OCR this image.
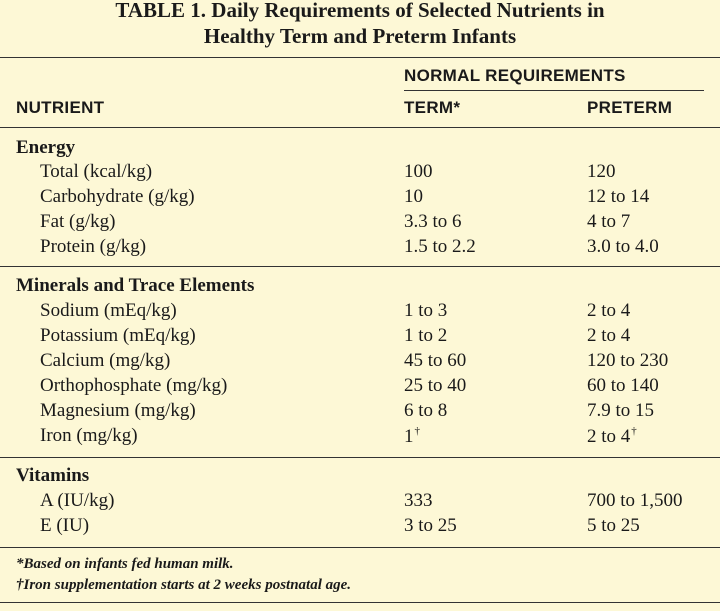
TABLE 1. Daily Requirements of Selected Nutrients in
Healthy Term and Preterm Infants
NORMAL REQUIREMENTS
NUTRIENT	TERM*	PRETERM
Energy
Total (kcal/kg)	100	120
Carbohydrate (g/kg)	10	12 to 14
Fat (g/kg)	3.3 to 6	4 to 7
Protein (g/kg)	1.5 to 2.2	3.0 to 4.0
Minerals and Trace Elements
Sodium (mEq/kg)	1 to 3	2 to 4
Potassium (mEq/kg)	1 to 2	2 to 4
Calcium (mg/kg)	45 to 60	120 to 230
Orthophosphate (mg/kg)	25 to 40	60 to 140
Magnesium (mg/kg)	6 to 8	7.9 to 15
Iron (mg/kg)	1†	2 to 4†
Vitamins
A (IU/kg)	333	700 to 1,500
E (IU)	3 to 25	5 to 25
*Based on infants fed human milk.
†Iron supplementation starts at 2 weeks postnatal age.
